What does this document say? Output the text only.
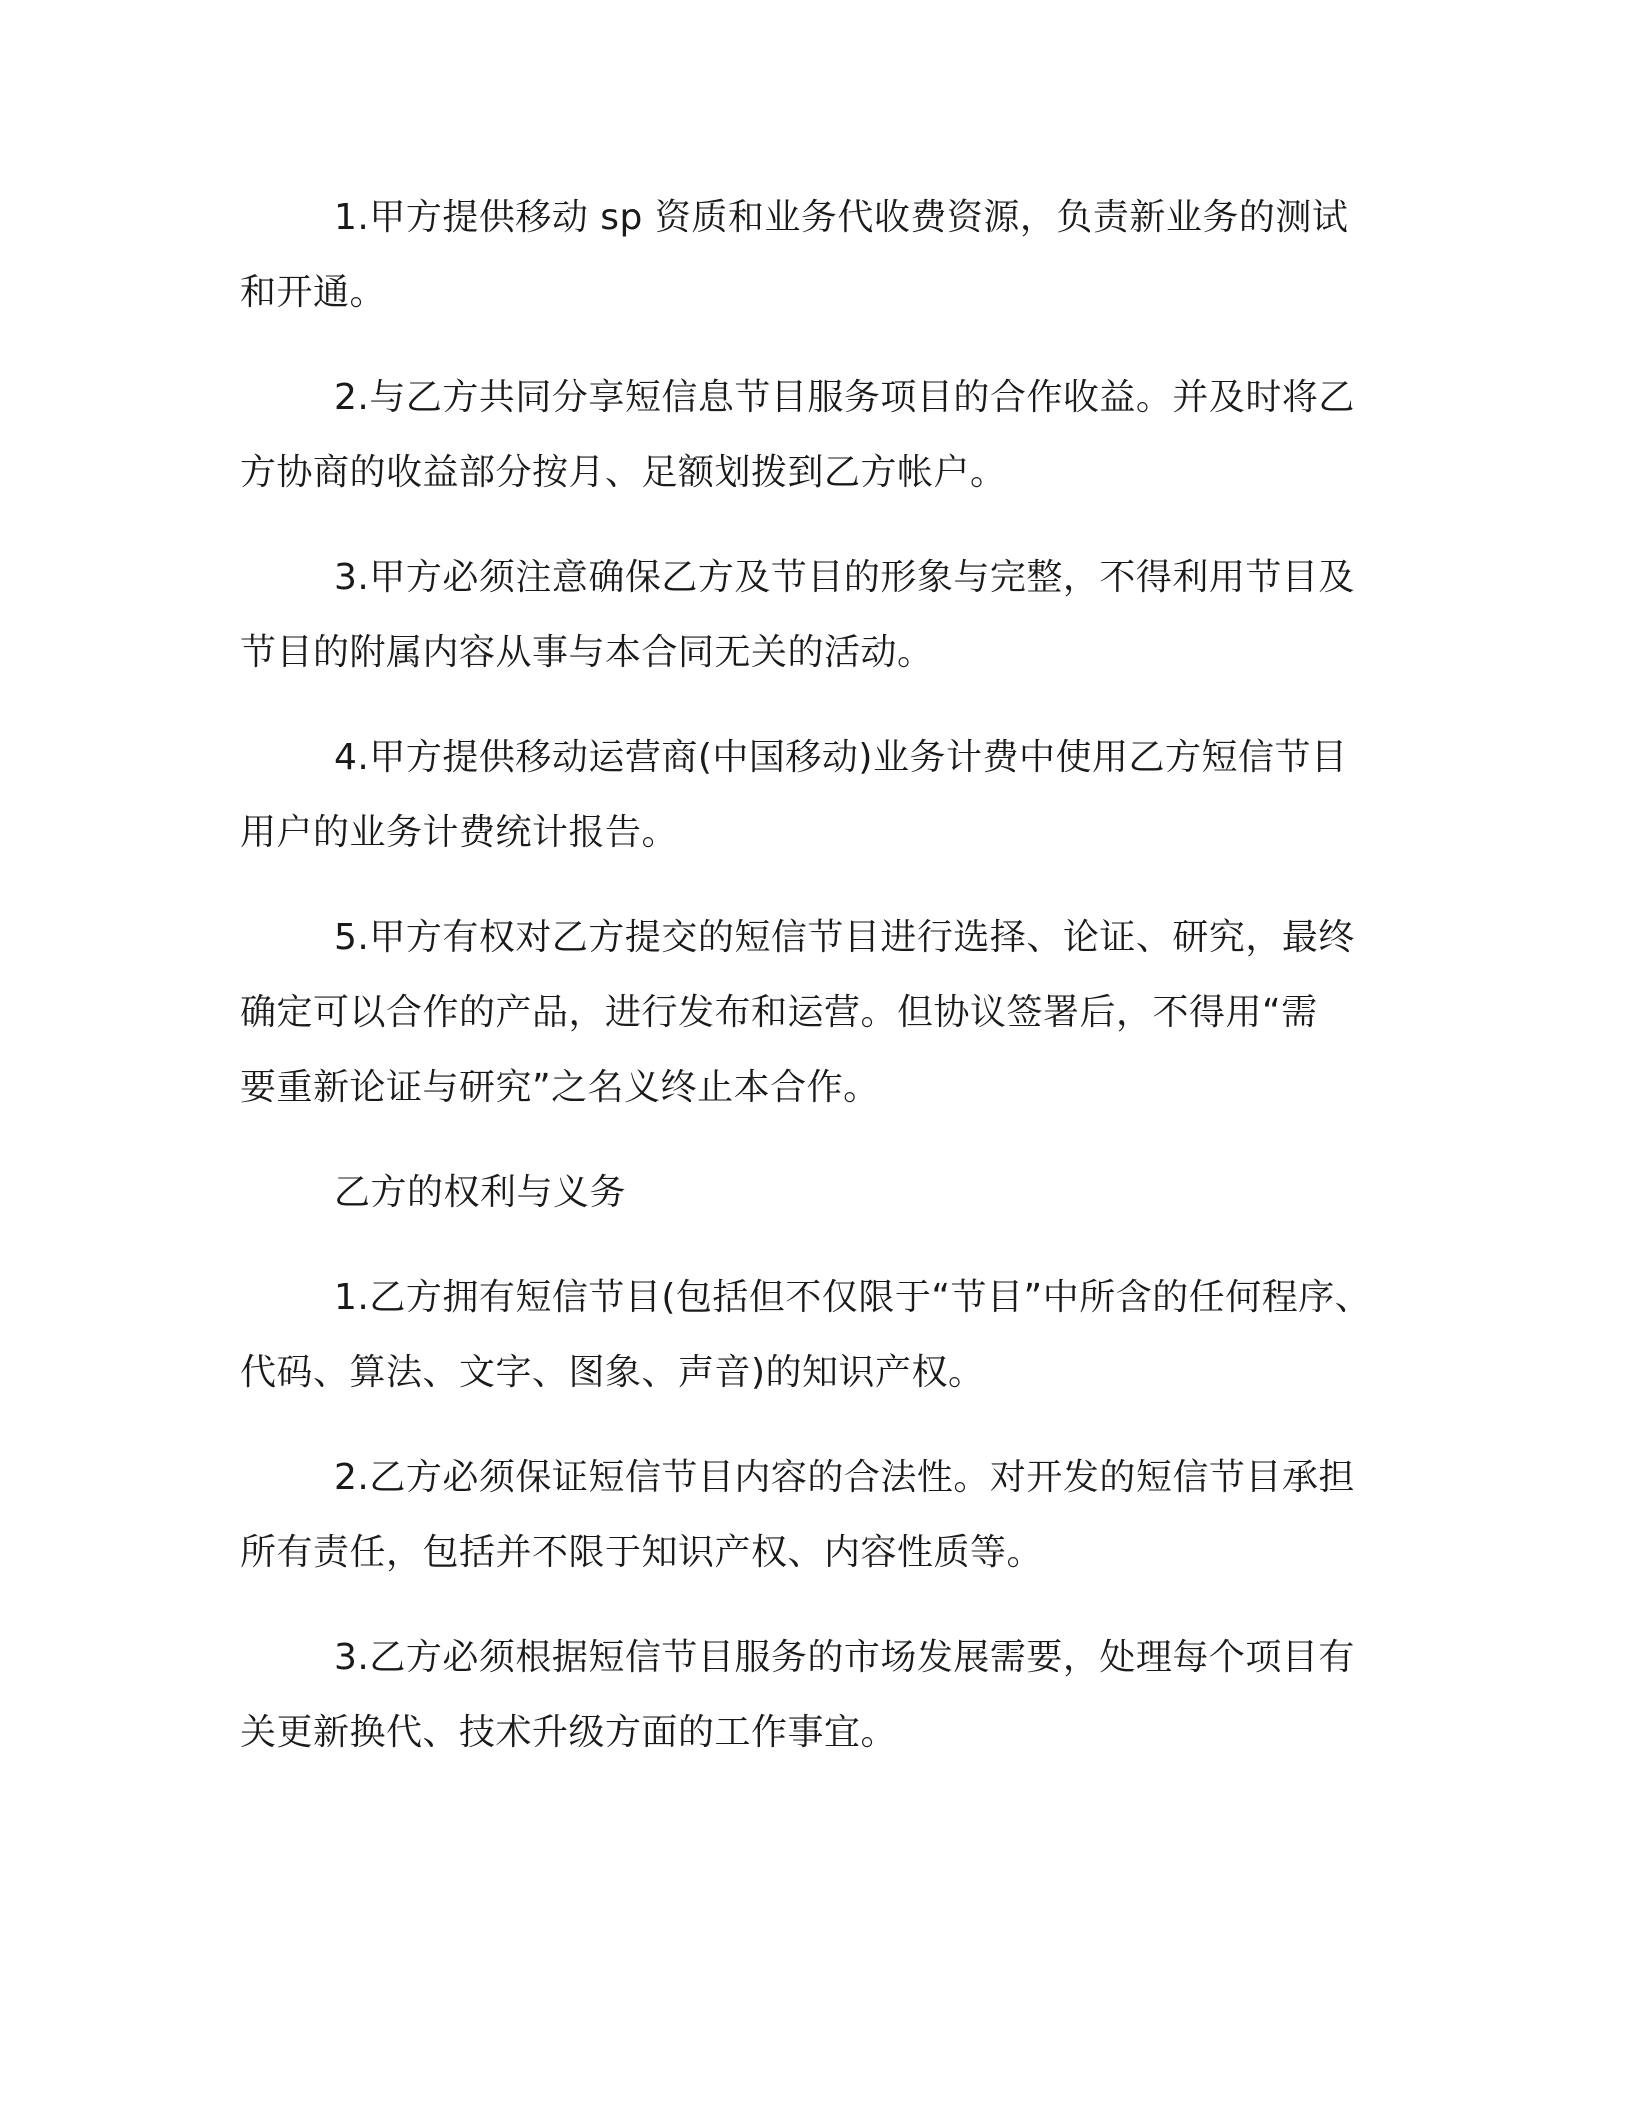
1.甲方提供移动 sp 资质和业务代收费资源，负责新业务的测试
和开通。
2.与乙方共同分享短信息节目服务项目的合作收益。并及时将乙
方协商的收益部分按月、足额划拨到乙方帐户。
3.甲方必须注意确保乙方及节目的形象与完整，不得利用节目及
节目的附属内容从事与本合同无关的活动。
4.甲方提供移动运营商(中国移动)业务计费中使用乙方短信节目
用户的业务计费统计报告。
5.甲方有权对乙方提交的短信节目进行选择、论证、研究，最终
确定可以合作的产品，进行发布和运营。但协议签署后，不得用“需
要重新论证与研究”之名义终止本合作。
乙方的权利与义务
1.乙方拥有短信节目(包括但不仅限于“节目”中所含的任何程序、
代码、算法、文字、图象、声音)的知识产权。
2.乙方必须保证短信节目内容的合法性。对开发的短信节目承担
所有责任，包括并不限于知识产权、内容性质等。
3.乙方必须根据短信节目服务的市场发展需要，处理每个项目有
关更新换代、技术升级方面的工作事宜。
